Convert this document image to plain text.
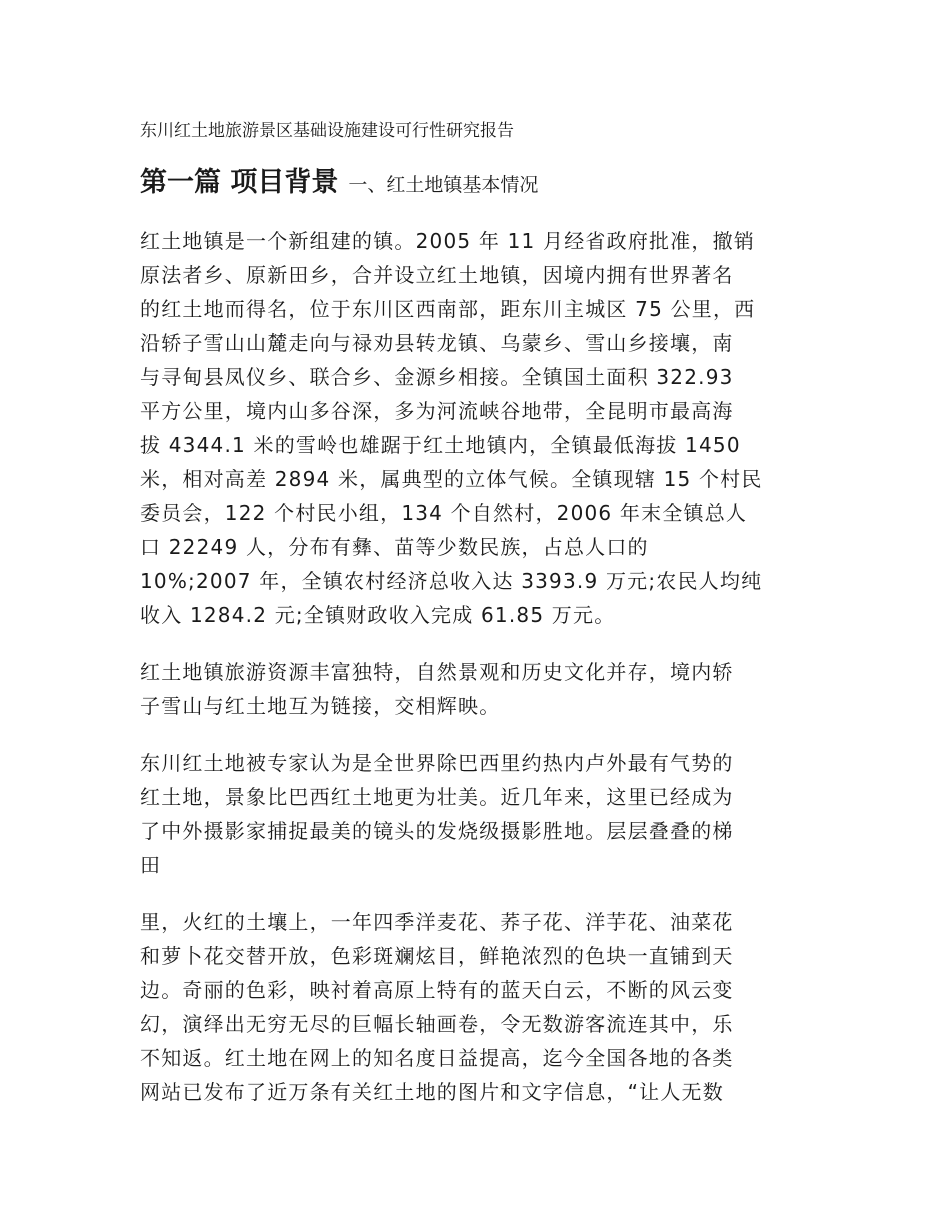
东川红土地旅游景区基础设施建设可行性研究报告
第一篇 项目背景 一、红土地镇基本情况
红土地镇是一个新组建的镇。2005 年 11 月经省政府批准，撤销
原法者乡、原新田乡，合并设立红土地镇，因境内拥有世界著名
的红土地而得名，位于东川区西南部，距东川主城区 75 公里，西
沿轿子雪山山麓走向与禄劝县转龙镇、乌蒙乡、雪山乡接壤，南
与寻甸县凤仪乡、联合乡、金源乡相接。全镇国土面积 322.93
平方公里，境内山多谷深，多为河流峡谷地带，全昆明市最高海
拔 4344.1 米的雪岭也雄踞于红土地镇内，全镇最低海拔 1450
米，相对高差 2894 米，属典型的立体气候。全镇现辖 15 个村民
委员会，122 个村民小组，134 个自然村，2006 年末全镇总人
口 22249 人，分布有彝、苗等少数民族，占总人口的
10%;2007 年，全镇农村经济总收入达 3393.9 万元;农民人均纯
收入 1284.2 元;全镇财政收入完成 61.85 万元。
红土地镇旅游资源丰富独特，自然景观和历史文化并存，境内轿
子雪山与红土地互为链接，交相辉映。
东川红土地被专家认为是全世界除巴西里约热内卢外最有气势的
红土地，景象比巴西红土地更为壮美。近几年来，这里已经成为
了中外摄影家捕捉最美的镜头的发烧级摄影胜地。层层叠叠的梯
田
里，火红的土壤上，一年四季洋麦花、荞子花、洋芋花、油菜花
和萝卜花交替开放，色彩斑斓炫目，鲜艳浓烈的色块一直铺到天
边。奇丽的色彩，映衬着高原上特有的蓝天白云，不断的风云变
幻，演绎出无穷无尽的巨幅长轴画卷，令无数游客流连其中，乐
不知返。红土地在网上的知名度日益提高，迄今全国各地的各类
网站已发布了近万条有关红土地的图片和文字信息，“让人无数
